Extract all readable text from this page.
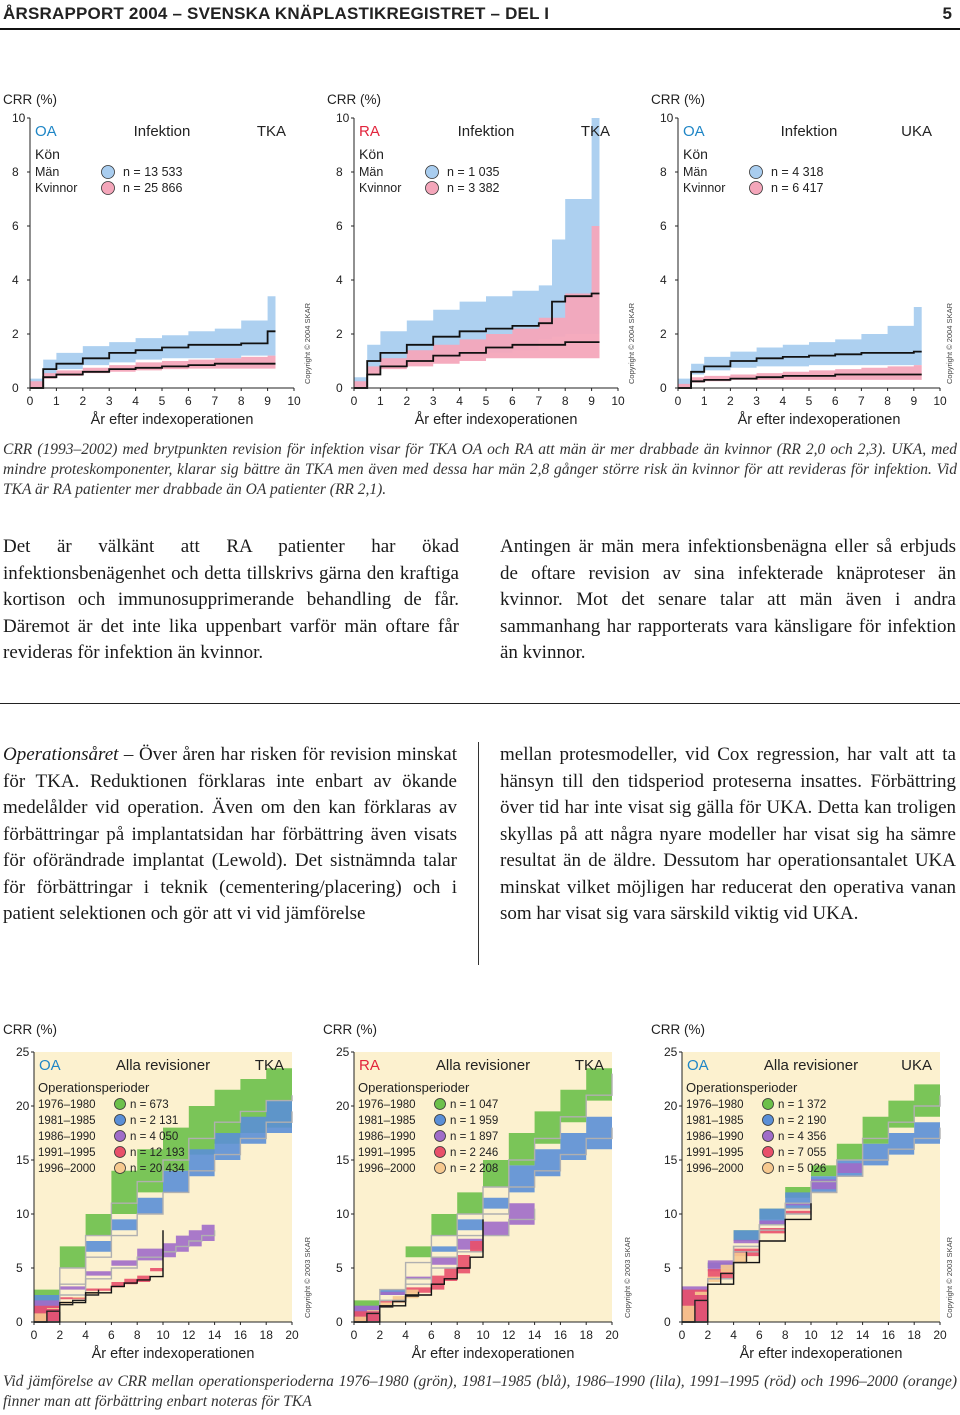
ÅRSRAPPORT 2004 – SVENSKA KNÄPLASTIKREGISTRET – DEL I	5
0
2
4
6
8
10
0 1 2 3 4 5 6 7 8 9 10
CRR (%)
År efter indexoperationen
Copyright © 2004 SKAR
OA	Infektion	TKA
Kön
Män	n = 13 533
Kvinnor	n = 25 866
0
2
4
6
8
10
0 1 2 3 4 5 6 7 8 9 10
CRR (%)
År efter indexoperationen
Copyright © 2004 SKAR
RA	Infektion	TKA
Kön
Män	n = 1 035
Kvinnor	n = 3 382
0
2
4
6
8
10
0 1 2 3 4 5 6 7 8 9 10
CRR (%)
År efter indexoperationen
Copyright © 2004 SKAR
OA	Infektion	UKA
Kön
Män	n = 4 318
Kvinnor	n = 6 417
CRR (1993–2002) med brytpunkten revision för infektion visar för TKA OA och RA att män är mer drabbade än kvinnor (RR 2,0 och 2,3). UKA, med mindre proteskomponenter, klarar sig bättre än TKA men även med dessa har män 2,8 gånger större risk än kvinnor för att revideras för infektion. Vid TKA är RA patienter mer drabbade än OA patienter (RR 2,1).
Det är välkänt att RA patienter har ökad infektionsbenägenhet och detta tillskrivs gärna den kraftiga kortison och immunosupprimerande behandling de får. Däremot är det inte lika uppenbart varför män oftare får revideras för infektion än kvinnor.
Antingen är män mera infektionsbenägna eller så erbjuds de oftare revision av sina infekterade knäproteser än kvinnor. Mot det senare talar att män även i andra sammanhang har rapporterats vara känsligare för infektion än kvinnor.
Operationsåret – Över åren har risken för revision minskat för TKA. Reduktionen förklaras inte enbart av ökande medelålder vid operation. Även om den kan förklaras av förbättringar på implantatsidan har förbättring även visats för oförändrade implantat (Lewold). Det sistnämnda talar för förbättringar i teknik (cementering/placering) och i patient selektionen och gör att vi vid jämförelse
mellan protesmodeller, vid Cox regression, har valt att ta hänsyn till den tidsperiod proteserna insattes. Förbättring över tid har inte visat sig gälla för UKA. Detta kan troligen skyllas på att några nyare modeller har visat sig ha sämre resultat än de äldre. Dessutom har operationsantalet UKA minskat vilket möjligen har reducerat den operativa vanan som har visat sig vara särskild viktig vid UKA.
0
5
10
15
20
25
0 2 4 6 8 10 12 14 16 18 20
CRR (%)
År efter indexoperationen
Copyright © 2003 SKAR
OA	Alla revisioner	TKA
Operationsperioder
1976–1980	n = 673
1981–1985	n = 2 131
1986–1990	n = 4 050
1991–1995	n = 12 193
1996–2000	n = 20 434
0
5
10
15
20
25
0 2 4 6 8 10 12 14 16 18 20
CRR (%)
År efter indexoperationen
Copyright © 2003 SKAR
RA	Alla revisioner	TKA
Operationsperioder
1976–1980	n = 1 047
1981–1985	n = 1 959
1986–1990	n = 1 897
1991–1995	n = 2 246
1996–2000	n = 2 208
0
5
10
15
20
25
0 2 4 6 8 10 12 14 16 18 20
CRR (%)
År efter indexoperationen
Copyright © 2003 SKAR
OA	Alla revisioner	UKA
Operationsperioder
1976–1980	n = 1 372
1981–1985	n = 2 190
1986–1990	n = 4 356
1991–1995	n = 7 055
1996–2000	n = 5 026
Vid jämförelse av CRR mellan operationsperioderna 1976–1980 (grön), 1981–1985 (blå), 1986–1990 (lila), 1991–1995 (röd) och 1996–2000 (orange) finner man att förbättring enbart noteras för TKA
